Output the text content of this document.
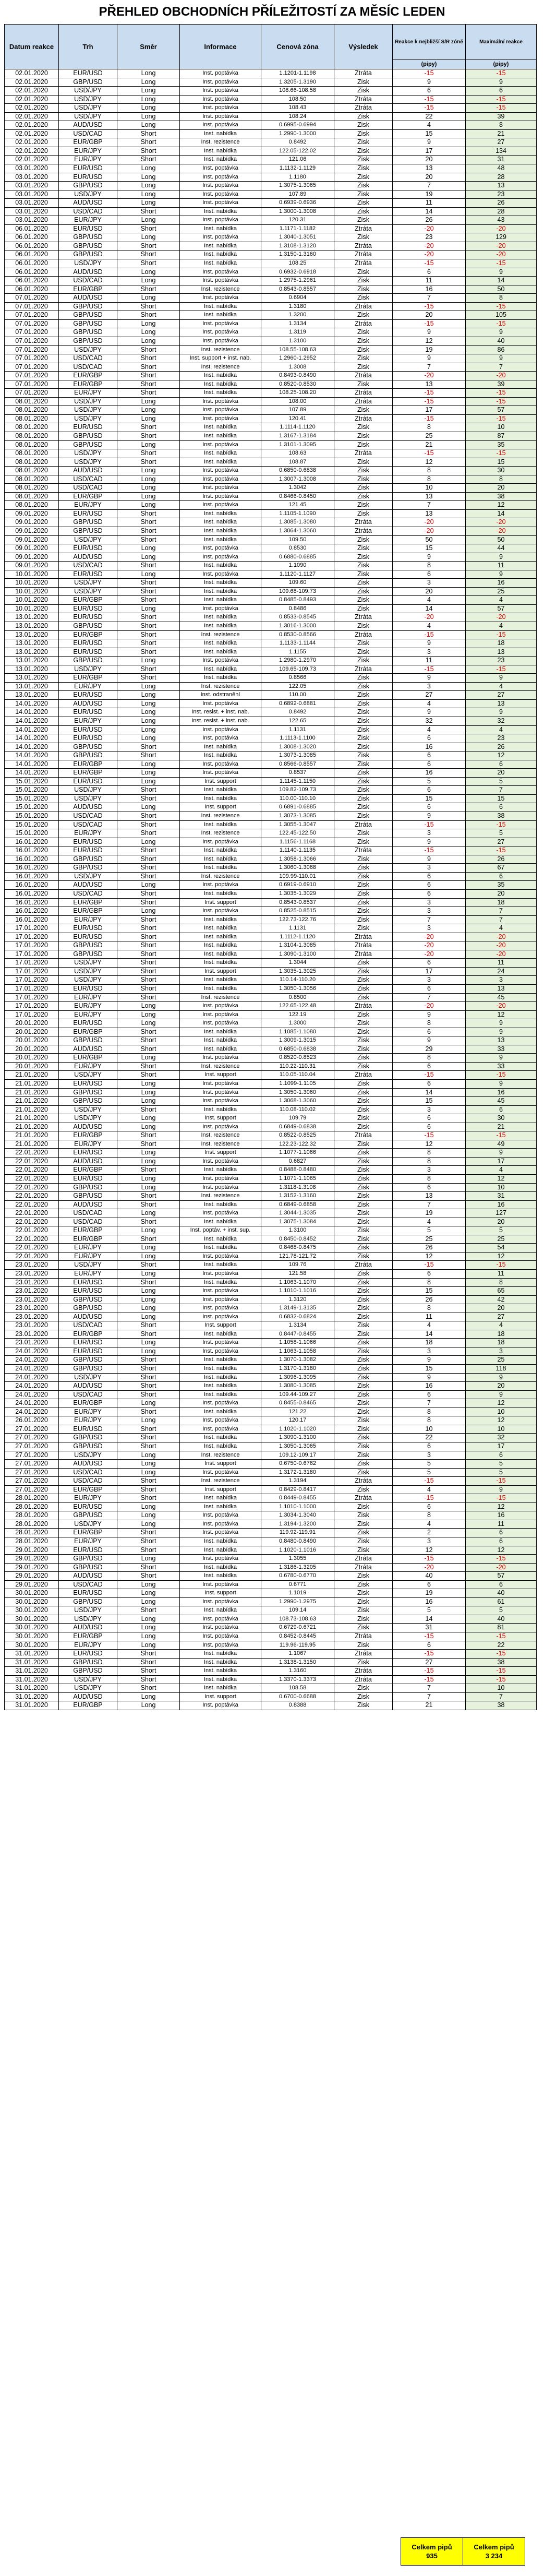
PŘEHLED OBCHODNÍCH PŘÍLEŽITOSTÍ ZA MĚSÍC LEDEN
Datum reakce	Trh	Směr	Informace	Cenová zóna	Výsledek	Reakce k nejbližší S/R zóně	Maximální reakce
						(pipy)	(pipy)
02.01.2020	EUR/USD	Long	Inst. poptávka	1.1201-1.1198	Ztráta	-15	-15
02.01.2020	GBP/USD	Long	Inst. poptávka	1.3205-1.3190	Zisk	9	9
02.01.2020	USD/JPY	Long	Inst. poptávka	108.66-108.58	Zisk	6	6
02.01.2020	USD/JPY	Long	Inst. poptávka	108.50	Ztráta	-15	-15
02.01.2020	USD/JPY	Long	Inst. poptávka	108.43	Ztráta	-15	-15
02.01.2020	USD/JPY	Long	Inst. poptávka	108.24	Zisk	22	39
02.01.2020	AUD/USD	Long	Inst. poptávka	0.6995-0.6994	Zisk	4	8
02.01.2020	USD/CAD	Short	Inst. nabídka	1.2990-1.3000	Zisk	15	21
02.01.2020	EUR/GBP	Short	Inst. rezistence	0.8492	Zisk	9	27
02.01.2020	EUR/JPY	Short	Inst. nabídka	122.05-122.02	Zisk	17	134
02.01.2020	EUR/JPY	Short	Inst. nabídka	121.06	Zisk	20	31
03.01.2020	EUR/USD	Long	Inst. poptávka	1.1132-1.1129	Zisk	13	48
03.01.2020	EUR/USD	Long	Inst. poptávka	1.1180	Zisk	20	28
03.01.2020	GBP/USD	Long	Inst. poptávka	1.3075-1.3065	Zisk	7	13
03.01.2020	USD/JPY	Long	Inst. poptávka	107.89	Zisk	19	23
03.01.2020	AUD/USD	Long	Inst. poptávka	0.6939-0.6936	Zisk	11	26
03.01.2020	USD/CAD	Short	Inst. nabídka	1.3000-1.3008	Zisk	14	28
03.01.2020	EUR/JPY	Long	Inst. poptávka	120.31	Zisk	26	43
06.01.2020	EUR/USD	Short	Inst. nabídka	1.1171-1.1182	Ztráta	-20	-20
06.01.2020	GBP/USD	Long	Inst. poptávka	1.3040-1.3051	Zisk	23	129
06.01.2020	GBP/USD	Short	Inst. nabídka	1.3108-1.3120	Ztráta	-20	-20
06.01.2020	GBP/USD	Short	Inst. nabídka	1.3150-1.3160	Ztráta	-20	-20
06.01.2020	USD/JPY	Short	Inst. nabídka	108.25	Ztráta	-15	-15
06.01.2020	AUD/USD	Long	Inst. poptávka	0.6932-0.6918	Zisk	6	9
06.01.2020	USD/CAD	Long	Inst. poptávka	1.2975-1.2961	Zisk	11	14
06.01.2020	EUR/GBP	Short	Inst. rezistence	0.8543-0.8557	Zisk	16	50
07.01.2020	AUD/USD	Long	Inst. poptávka	0.6904	Zisk	7	8
07.01.2020	GBP/USD	Short	Inst. nabídka	1.3180	Ztráta	-15	-15
07.01.2020	GBP/USD	Short	Inst. nabídka	1.3200	Zisk	20	105
07.01.2020	GBP/USD	Long	Inst. poptávka	1.3134	Ztráta	-15	-15
07.01.2020	GBP/USD	Long	Inst. poptávka	1.3119	Zisk	9	9
07.01.2020	GBP/USD	Long	Inst. poptávka	1.3100	Zisk	12	40
07.01.2020	USD/JPY	Short	Inst. rezistence	108.55-108.63	Zisk	19	86
07.01.2020	USD/CAD	Short	Inst. support + inst. nab.	1.2960-1.2952	Zisk	9	9
07.01.2020	USD/CAD	Short	Inst. rezistence	1.3008	Zisk	7	7
07.01.2020	EUR/GBP	Short	Inst. nabídka	0.8493-0.8490	Ztráta	-20	-20
07.01.2020	EUR/GBP	Short	Inst. nabídka	0.8520-0.8530	Zisk	13	39
07.01.2020	EUR/JPY	Short	Inst. nabídka	108.25-108.20	Ztráta	-15	-15
08.01.2020	USD/JPY	Long	Inst. poptávka	108.00	Ztráta	-15	-15
08.01.2020	USD/JPY	Long	Inst. poptávka	107.89	Zisk	17	57
08.01.2020	USD/JPY	Long	Inst. poptávka	120.41	Ztráta	-15	-15
08.01.2020	EUR/USD	Short	Inst. nabídka	1.1114-1.1120	Zisk	8	10
08.01.2020	GBP/USD	Short	Inst. nabídka	1.3167-1.3184	Zisk	25	87
08.01.2020	GBP/USD	Long	Inst. poptávka	1.3101-1.3095	Zisk	21	35
08.01.2020	USD/JPY	Short	Inst. nabídka	108.63	Ztráta	-15	-15
08.01.2020	USD/JPY	Short	Inst. nabídka	108.87	Zisk	12	15
08.01.2020	AUD/USD	Long	Inst. poptávka	0.6850-0.6838	Zisk	8	30
08.01.2020	USD/CAD	Long	Inst. poptávka	1.3007-1.3008	Zisk	8	8
08.01.2020	USD/CAD	Long	Inst. poptávka	1.3042	Zisk	10	20
08.01.2020	EUR/GBP	Long	Inst. poptávka	0.8466-0.8450	Zisk	13	38
08.01.2020	EUR/JPY	Long	Inst. poptávka	121.45	Zisk	7	12
09.01.2020	EUR/USD	Short	Inst. nabídka	1.1105-1.1090	Zisk	13	14
09.01.2020	GBP/USD	Short	Inst. nabídka	1.3085-1.3080	Ztráta	-20	-20
09.01.2020	GBP/USD	Short	Inst. nabídka	1.3064-1.3060	Ztráta	-20	-20
09.01.2020	USD/JPY	Short	Inst. nabídka	109.50	Zisk	50	50
09.01.2020	EUR/USD	Long	Inst. poptávka	0.8530	Zisk	15	44
09.01.2020	AUD/USD	Long	Inst. poptávka	0.6880-0.6885	Zisk	9	9
09.01.2020	USD/CAD	Short	Inst. nabídka	1.1090	Zisk	8	11
10.01.2020	EUR/USD	Long	Inst. poptávka	1.1120-1.1127	Zisk	6	9
10.01.2020	USD/JPY	Short	Inst. nabídka	109.60	Zisk	3	16
10.01.2020	USD/JPY	Short	Inst. nabídka	109.68-109.73	Zisk	20	25
10.01.2020	EUR/GBP	Short	Inst. nabídka	0.8485-0.8493	Zisk	4	4
10.01.2020	EUR/USD	Long	Inst. poptávka	0.8486	Zisk	14	57
13.01.2020	EUR/USD	Short	Inst. nabídka	0.8533-0.8545	Ztráta	-20	-20
13.01.2020	GBP/USD	Short	Inst. nabídka	1.3016-1.3000	Zisk	4	4
13.01.2020	EUR/GBP	Short	Inst. rezistence	0.8530-0.8566	Ztráta	-15	-15
13.01.2020	EUR/USD	Short	Inst. nabídka	1.1133-1.1144	Zisk	9	18
13.01.2020	EUR/USD	Short	Inst. nabídka	1.1155	Zisk	3	13
13.01.2020	GBP/USD	Long	Inst. poptávka	1.2980-1.2970	Zisk	11	23
13.01.2020	USD/JPY	Short	Inst. nabídka	109.65-109.73	Ztráta	-15	-15
13.01.2020	EUR/GBP	Short	Inst. nabídka	0.8566	Zisk	9	9
13.01.2020	EUR/JPY	Long	Inst. rezistence	122.05	Zisk	3	4
13.01.2020	EUR/USD	Long	Inst. odstranění	110.00	Zisk	27	27
14.01.2020	AUD/USD	Long	Inst. poptávka	0.6892-0.6881	Zisk	4	13
14.01.2020	EUR/USD	Long	Inst. resist. + inst. nab.	0.8492	Zisk	9	9
14.01.2020	EUR/JPY	Long	Inst. resist. + inst. nab.	122.65	Zisk	32	32
14.01.2020	EUR/USD	Long	Inst. poptávka	1.1131	Zisk	4	4
14.01.2020	EUR/USD	Long	Inst. poptávka	1.1113-1.1100	Zisk	6	23
14.01.2020	GBP/USD	Short	Inst. nabídka	1.3008-1.3020	Zisk	16	26
14.01.2020	GBP/USD	Short	Inst. nabídka	1.3073-1.3085	Zisk	6	12
14.01.2020	EUR/GBP	Long	Inst. poptávka	0.8566-0.8557	Zisk	6	6
14.01.2020	EUR/GBP	Long	Inst. poptávka	0.8537	Zisk	16	20
15.01.2020	EUR/USD	Long	Inst. support	1.1145-1.1150	Zisk	5	5
15.01.2020	USD/JPY	Short	Inst. nabídka	109.82-109.73	Zisk	6	7
15.01.2020	USD/JPY	Short	Inst. nabídka	110.00-110.10	Zisk	15	15
15.01.2020	AUD/USD	Long	Inst. support	0.6891-0.6885	Zisk	6	6
15.01.2020	USD/CAD	Short	Inst. rezistence	1.3073-1.3085	Zisk	9	38
15.01.2020	USD/CAD	Short	Inst. nabídka	1.3055-1.3047	Ztráta	-15	-15
15.01.2020	EUR/JPY	Short	Inst. rezistence	122.45-122.50	Zisk	3	5
16.01.2020	EUR/USD	Long	Inst. poptávka	1.1156-1.1168	Zisk	9	27
16.01.2020	EUR/USD	Short	Inst. nabídka	1.1140-1.1135	Ztráta	-15	-15
16.01.2020	GBP/USD	Short	Inst. nabídka	1.3058-1.3066	Zisk	9	26
16.01.2020	GBP/USD	Short	Inst. nabídka	1.3060-1.3068	Zisk	3	67
16.01.2020	USD/JPY	Short	Inst. rezistence	109.99-110.01	Zisk	6	6
16.01.2020	AUD/USD	Long	Inst. poptávka	0.6919-0.6910	Zisk	6	35
16.01.2020	USD/CAD	Short	Inst. nabídka	1.3035-1.3029	Zisk	6	20
16.01.2020	EUR/GBP	Short	Inst. support	0.8543-0.8537	Zisk	3	18
16.01.2020	EUR/GBP	Long	Inst. poptávka	0.8525-0.8515	Zisk	3	7
16.01.2020	EUR/JPY	Short	Inst. nabídka	122.73-122.76	Zisk	7	7
17.01.2020	EUR/USD	Short	Inst. nabídka	1.1131	Zisk	3	4
17.01.2020	EUR/USD	Short	Inst. nabídka	1.1112-1.1120	Ztráta	-20	-20
17.01.2020	GBP/USD	Short	Inst. nabídka	1.3104-1.3085	Ztráta	-20	-20
17.01.2020	GBP/USD	Short	Inst. nabídka	1.3090-1.3100	Ztráta	-20	-20
17.01.2020	USD/JPY	Short	Inst. nabídka	1.3044	Zisk	6	11
17.01.2020	USD/JPY	Short	Inst. support	1.3035-1.3025	Zisk	17	24
17.01.2020	USD/JPY	Short	Inst. nabídka	110.14-110.20	Zisk	3	3
17.01.2020	EUR/USD	Short	Inst. nabídka	1.3050-1.3056	Zisk	6	13
17.01.2020	EUR/JPY	Short	Inst. rezistence	0.8500	Zisk	7	45
17.01.2020	EUR/JPY	Long	Inst. poptávka	122.65-122.48	Ztráta	-20	-20
17.01.2020	EUR/JPY	Long	Inst. poptávka	122.19	Zisk	9	12
20.01.2020	EUR/USD	Long	Inst. poptávka	1.3000	Zisk	8	9
20.01.2020	EUR/GBP	Short	Inst. nabídka	1.1085-1.1080	Zisk	6	9
20.01.2020	GBP/USD	Short	Inst. nabídka	1.3009-1.3015	Zisk	9	13
20.01.2020	AUD/USD	Short	Inst. nabídka	0.6850-0.6838	Zisk	29	33
20.01.2020	EUR/GBP	Long	Inst. poptávka	0.8520-0.8523	Zisk	8	9
20.01.2020	EUR/JPY	Short	Inst. rezistence	110.22-110.31	Zisk	6	33
21.01.2020	USD/JPY	Short	Inst. support	110.05-110.04	Ztráta	-15	-15
21.01.2020	EUR/USD	Long	Inst. poptávka	1.1099-1.1105	Zisk	6	9
21.01.2020	GBP/USD	Long	Inst. poptávka	1.3050-1.3060	Zisk	14	16
21.01.2020	GBP/USD	Long	Inst. poptávka	1.3068-1.3060	Zisk	15	45
21.01.2020	USD/JPY	Short	Inst. nabídka	110.08-110.02	Zisk	3	6
21.01.2020	USD/JPY	Long	Inst. support	109.79	Zisk	6	30
21.01.2020	AUD/USD	Long	Inst. poptávka	0.6849-0.6838	Zisk	6	21
21.01.2020	EUR/GBP	Short	Inst. rezistence	0.8522-0.8525	Ztráta	-15	-15
21.01.2020	EUR/JPY	Short	Inst. rezistence	122.23-122.32	Zisk	12	49
22.01.2020	EUR/USD	Long	Inst. support	1.1077-1.1066	Zisk	8	9
22.01.2020	AUD/USD	Long	Inst. poptávka	0.6827	Zisk	8	17
22.01.2020	EUR/GBP	Short	Inst. nabídka	0.8488-0.8480	Zisk	3	4
22.01.2020	EUR/USD	Long	Inst. poptávka	1.1071-1.1065	Zisk	8	12
22.01.2020	GBP/USD	Long	Inst. poptávka	1.3118-1.3108	Zisk	6	10
22.01.2020	GBP/USD	Short	Inst. rezistence	1.3152-1.3160	Zisk	13	31
22.01.2020	AUD/USD	Short	Inst. nabídka	0.6849-0.6858	Zisk	7	16
22.01.2020	USD/CAD	Long	Inst. poptávka	1.3044-1.3035	Zisk	19	127
22.01.2020	USD/CAD	Short	Inst. nabídka	1.3075-1.3084	Zisk	4	20
22.01.2020	EUR/GBP	Long	Inst. poptáv. + inst. sup.	1.3100	Zisk	5	5
22.01.2020	EUR/GBP	Short	Inst. nabídka	0.8450-0.8452	Zisk	25	25
22.01.2020	EUR/JPY	Long	Inst. nabídka	0.8468-0.8475	Zisk	26	54
22.01.2020	EUR/JPY	Long	Inst. poptávka	121.78-121.72	Zisk	12	12
23.01.2020	USD/JPY	Short	Inst. nabídka	109.76	Ztráta	-15	-15
23.01.2020	EUR/JPY	Long	Inst. poptávka	121.58	Zisk	6	11
23.01.2020	EUR/USD	Short	Inst. nabídka	1.1063-1.1070	Zisk	8	8
23.01.2020	EUR/USD	Long	Inst. poptávka	1.1010-1.1016	Zisk	15	65
23.01.2020	GBP/USD	Long	Inst. poptávka	1.3120	Zisk	26	42
23.01.2020	GBP/USD	Long	Inst. poptávka	1.3149-1.3135	Zisk	8	20
23.01.2020	AUD/USD	Long	Inst. poptávka	0.6832-0.6824	Zisk	11	27
23.01.2020	USD/CAD	Short	Inst. support	1.3134	Zisk	4	4
23.01.2020	EUR/GBP	Short	Inst. nabídka	0.8447-0.8455	Zisk	14	18
23.01.2020	EUR/USD	Long	Inst. poptávka	1.1058-1.1066	Zisk	18	18
24.01.2020	EUR/USD	Long	Inst. poptávka	1.1063-1.1058	Zisk	3	3
24.01.2020	GBP/USD	Short	Inst. nabídka	1.3070-1.3082	Zisk	9	25
24.01.2020	GBP/USD	Short	Inst. nabídka	1.3170-1.3180	Zisk	15	118
24.01.2020	USD/JPY	Short	Inst. nabídka	1.3096-1.3095	Zisk	9	9
24.01.2020	AUD/USD	Short	Inst. nabídka	1.3080-1.3085	Zisk	16	20
24.01.2020	USD/CAD	Short	Inst. nabídka	109.44-109.27	Zisk	6	9
24.01.2020	EUR/GBP	Long	Inst. poptávka	0.8455-0.8465	Zisk	7	12
24.01.2020	EUR/JPY	Short	Inst. nabídka	121.22	Zisk	8	10
26.01.2020	EUR/JPY	Long	Inst. poptávka	120.17	Zisk	8	12
27.01.2020	EUR/USD	Short	Inst. poptávka	1.1020-1.1020	Zisk	10	10
27.01.2020	GBP/USD	Short	Inst. nabídka	1.3090-1.3100	Zisk	22	32
27.01.2020	GBP/USD	Short	Inst. nabídka	1.3050-1.3065	Zisk	6	17
27.01.2020	USD/JPY	Long	Inst. rezistence	109.12-109.17	Zisk	3	6
27.01.2020	AUD/USD	Long	Inst. support	0.6750-0.6762	Zisk	5	5
27.01.2020	USD/CAD	Long	Inst. poptávka	1.3172-1.3180	Zisk	5	5
27.01.2020	USD/CAD	Short	Inst. rezistence	1.3194	Ztráta	-15	-15
27.01.2020	EUR/GBP	Short	Inst. support	0.8429-0.8417	Zisk	4	9
28.01.2020	EUR/JPY	Short	Inst. nabídka	0.8449-0.8455	Ztráta	-15	-15
28.01.2020	EUR/USD	Long	Inst. nabídka	1.1010-1.1000	Zisk	6	12
28.01.2020	GBP/USD	Long	Inst. poptávka	1.3034-1.3040	Zisk	8	16
28.01.2020	USD/JPY	Long	Inst. poptávka	1.3194-1.3200	Zisk	4	11
28.01.2020	EUR/GBP	Short	Inst. poptávka	119.92-119.91	Zisk	2	6
28.01.2020	EUR/JPY	Short	Inst. nabídka	0.8480-0.8490	Zisk	3	6
29.01.2020	EUR/USD	Short	Inst. nabídka	1.1020-1.1016	Zisk	12	12
29.01.2020	GBP/USD	Long	Inst. poptávka	1.3055	Ztráta	-15	-15
29.01.2020	GBP/USD	Short	Inst. nabídka	1.3186-1.3205	Ztráta	-20	-20
29.01.2020	AUD/USD	Short	Inst. nabídka	0.6780-0.6770	Zisk	40	57
29.01.2020	USD/CAD	Long	Inst. poptávka	0.6771	Zisk	6	6
30.01.2020	EUR/USD	Long	Inst. support	1.1019	Zisk	19	40
30.01.2020	GBP/USD	Long	Inst. poptávka	1.2990-1.2975	Zisk	16	61
30.01.2020	USD/JPY	Short	Inst. nabídka	109.14	Zisk	5	5
30.01.2020	USD/JPY	Long	Inst. poptávka	108.73-108.63	Zisk	14	40
30.01.2020	AUD/USD	Long	Inst. poptávka	0.6729-0.6721	Zisk	31	81
30.01.2020	EUR/GBP	Long	Inst. poptávka	0.8452-0.8445	Ztráta	-15	-15
30.01.2020	EUR/JPY	Long	Inst. poptávka	119.96-119.95	Zisk	6	22
31.01.2020	EUR/USD	Short	Inst. nabídka	1.1067	Ztráta	-15	-15
31.01.2020	GBP/USD	Short	Inst. nabídka	1.3138-1.3150	Zisk	27	38
31.01.2020	GBP/USD	Short	Inst. nabídka	1.3160	Ztráta	-15	-15
31.01.2020	USD/JPY	Short	Inst. nabídka	1.3370-1.3373	Ztráta	-15	-15
31.01.2020	USD/JPY	Short	Inst. nabídka	108.58	Zisk	7	10
31.01.2020	AUD/USD	Long	Inst. support	0.6700-0.6688	Zisk	7	7
31.01.2020	EUR/GBP	Long	Inst. poptávka	0.8388	Zisk	21	38
Celkem pipů
935

Celkem pipů
3 234
